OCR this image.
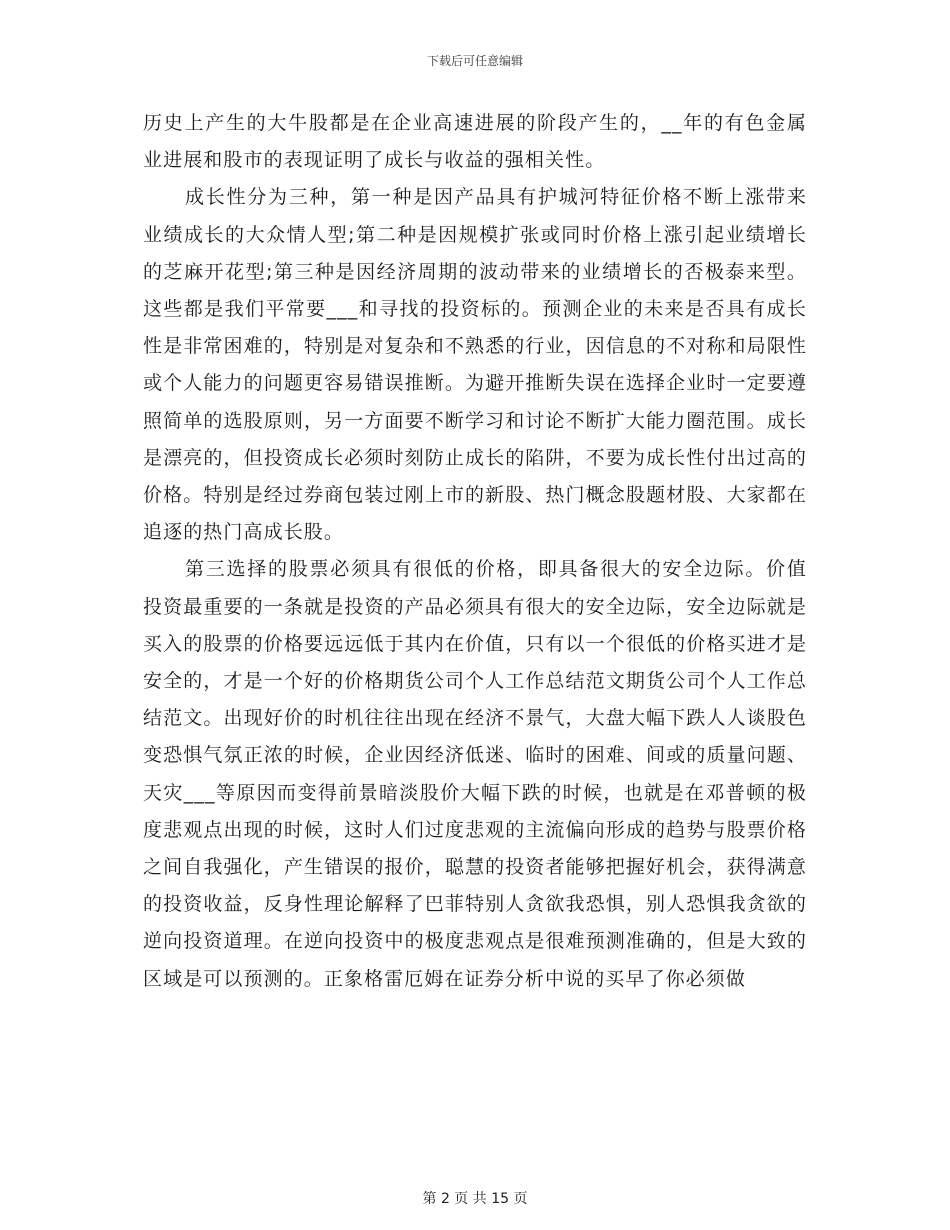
下载后可任意编辑

历史上产生的大牛股都是在企业高速进展的阶段产生的，__年的有色金属业进展和股市的表现证明了成长与收益的强相关性。

成长性分为三种，第一种是因产品具有护城河特征价格不断上涨带来业绩成长的大众情人型;第二种是因规模扩张或同时价格上涨引起业绩增长的芝麻开花型;第三种是因经济周期的波动带来的业绩增长的否极泰来型。这些都是我们平常要___和寻找的投资标的。预测企业的未来是否具有成长性是非常困难的，特别是对复杂和不熟悉的行业，因信息的不对称和局限性或个人能力的问题更容易错误推断。为避开推断失误在选择企业时一定要遵照简单的选股原则，另一方面要不断学习和讨论不断扩大能力圈范围。成长是漂亮的，但投资成长必须时刻防止成长的陷阱，不要为成长性付出过高的价格。特别是经过券商包装过刚上市的新股、热门概念股题材股、大家都在追逐的热门高成长股。

第三选择的股票必须具有很低的价格，即具备很大的安全边际。价值投资最重要的一条就是投资的产品必须具有很大的安全边际，安全边际就是买入的股票的价格要远远低于其内在价值，只有以一个很低的价格买进才是安全的，才是一个好的价格期货公司个人工作总结范文期货公司个人工作总结范文。出现好价的时机往往出现在经济不景气，大盘大幅下跌人人谈股色变恐惧气氛正浓的时候，企业因经济低迷、临时的困难、间或的质量问题、天灾___等原因而变得前景暗淡股价大幅下跌的时候，也就是在邓普顿的极度悲观点出现的时候，这时人们过度悲观的主流偏向形成的趋势与股票价格之间自我强化，产生错误的报价，聪慧的投资者能够把握好机会，获得满意的投资收益，反身性理论解释了巴菲特别人贪欲我恐惧，别人恐惧我贪欲的逆向投资道理。在逆向投资中的极度悲观点是很难预测准确的，但是大致的区域是可以预测的。正象格雷厄姆在证券分析中说的买早了你必须做

第 2 页 共 15 页
